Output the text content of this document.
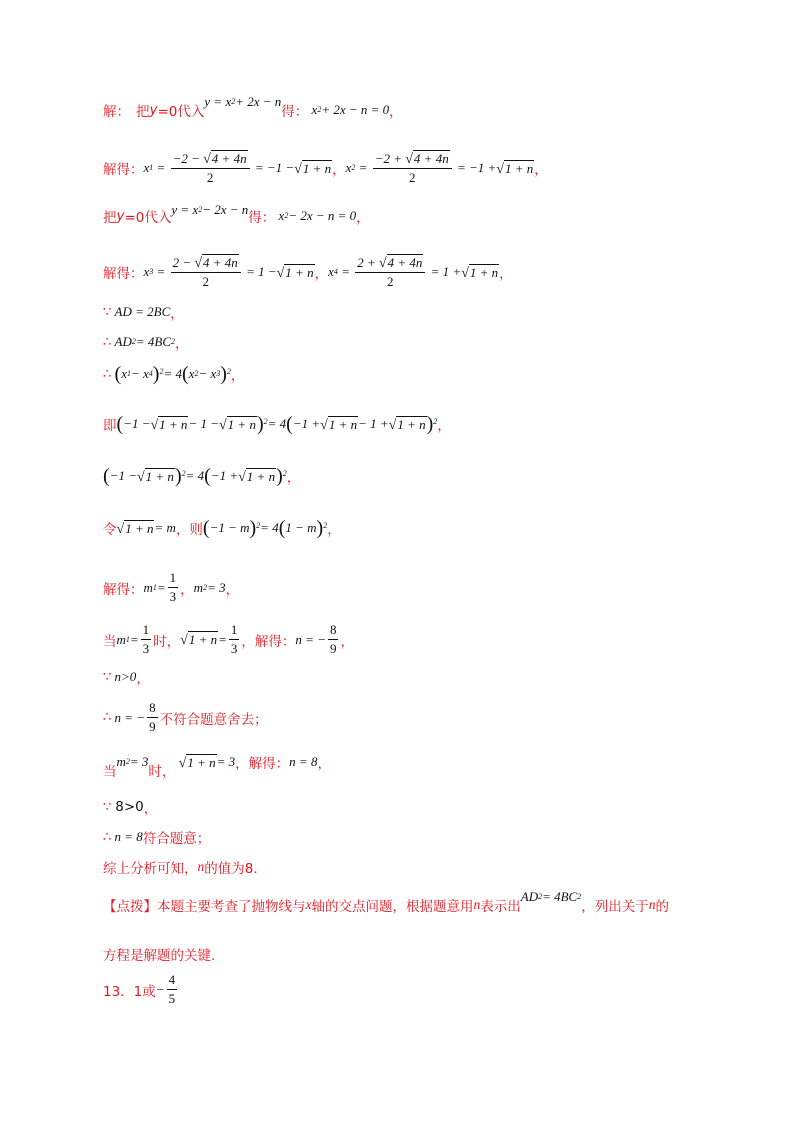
解： 把 y =0代入
y = x 2 + 2x − n
得： x 2 + 2x − n = 0 ，
解得： x $1 = \frac{-2 - √ 4 + 4n}{2} = -1$ − √ 1 + n ， x $2 = \frac{-2 + √ 4 + 4n}{2} = -1$ + √ 1 + n ，
把 y =0代入
y = x 2 − 2x − n
得： x 2 − 2x − n = 0 ，
解得： x $3 = \frac{2 - √ 4 + 4n}{2} = 1$ − √ 1 + n ， x $4 = \frac{2 + √ 4 + 4n}{2} = 1$ + √ 1 + n ，
∵ AD = 2BC ，
∴ AD 2 = 4BC 2 ，
∴
( x 1 − x 4 )$^2$ = 4 ( x 2 − x 3 )$^2$ ，
即 ( −1 − √ 1 + n − 1 − √ 1 + n )$^2$ = 4 ( −1 + √ 1 + n − 1 + √ 1 + n )$^2$ ，
( −1 − √ 1 + n )$^2$ = 4 ( −1 + √ 1 + n )$^2$ ，
令 √ 1 + n = m ，则 ( −1 − m )$^2$ = 4 ( 1 − m )$^2$ ，
解得： m $1 = \frac{1}{3}$ ， m 2 = 3 ，
当 m $1 = \frac{1}{3}$ 时， √ $1 + n = \frac{1}{3}$ ，解得： n = − $\frac{8}{9}$ ，
∵ n>0 ，
∴ n = − $\frac{8}{9}$ 不符合题意舍去；
当
m 2 = 3
时，

√ 1 + n = 3 ，解得： n = 8 ，
∵ 8>0 ，
∴ n = 8 符合题意；
综上分析可知， n 的值为8.
【点拨】 本题主要考查了抛物线与 x 轴的交点问题，根据题意用 n 表示出
AD 2 = 4BC 2
，列出关于 n 的
方程是解题的关键.
13．1或 − $\frac{4}{5}$
